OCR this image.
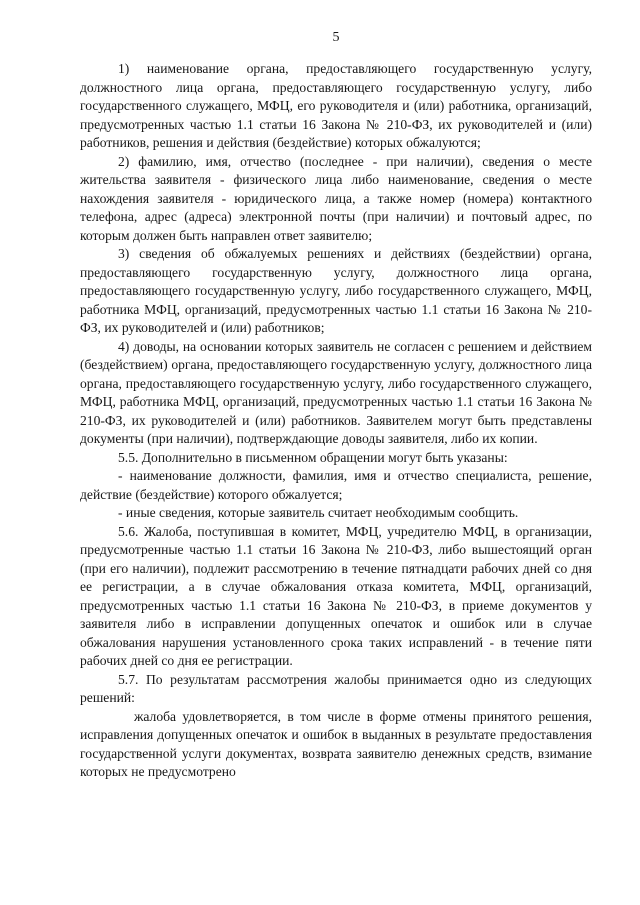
5

1) наименование органа, предоставляющего государственную услугу, должностного лица органа, предоставляющего государственную услугу, либо государственного служащего, МФЦ, его руководителя и (или) работника, организаций, предусмотренных частью 1.1 статьи 16 Закона № 210-ФЗ, их руководителей и (или) работников, решения и действия (бездействие) которых обжалуются;

2) фамилию, имя, отчество (последнее - при наличии), сведения о месте жительства заявителя - физического лица либо наименование, сведения о месте нахождения заявителя - юридического лица, а также номер (номера) контактного телефона, адрес (адреса) электронной почты (при наличии) и почтовый адрес, по которым должен быть направлен ответ заявителю;

3) сведения об обжалуемых решениях и действиях (бездействии) органа, предоставляющего государственную услугу, должностного лица органа, предоставляющего государственную услугу, либо государственного служащего, МФЦ, работника МФЦ, организаций, предусмотренных частью 1.1 статьи 16 Закона № 210-ФЗ, их руководителей и (или) работников;

4) доводы, на основании которых заявитель не согласен с решением и действием (бездействием) органа, предоставляющего государственную услугу, должностного лица органа, предоставляющего государственную услугу, либо государственного служащего, МФЦ, работника МФЦ, организаций, предусмотренных частью 1.1 статьи 16 Закона № 210-ФЗ, их руководителей и (или) работников. Заявителем могут быть представлены документы (при наличии), подтверждающие доводы заявителя, либо их копии.

5.5. Дополнительно в письменном обращении могут быть указаны:

- наименование должности, фамилия, имя и отчество специалиста, решение, действие (бездействие) которого обжалуется;

- иные сведения, которые заявитель считает необходимым сообщить.

5.6. Жалоба, поступившая в комитет, МФЦ, учредителю МФЦ, в организации, предусмотренные частью 1.1 статьи 16 Закона № 210-ФЗ, либо вышестоящий орган (при его наличии), подлежит рассмотрению в течение пятнадцати рабочих дней со дня ее регистрации, а в случае обжалования отказа комитета, МФЦ, организаций, предусмотренных частью 1.1 статьи 16 Закона № 210-ФЗ, в приеме документов у заявителя либо в исправлении допущенных опечаток и ошибок или в случае обжалования нарушения установленного срока таких исправлений - в течение пяти рабочих дней со дня ее регистрации.

5.7. По результатам рассмотрения жалобы принимается одно из следующих решений:

жалоба удовлетворяется, в том числе в форме отмены принятого решения, исправления допущенных опечаток и ошибок в выданных в результате предоставления государственной услуги документах, возврата заявителю денежных средств, взимание которых не предусмотрено
